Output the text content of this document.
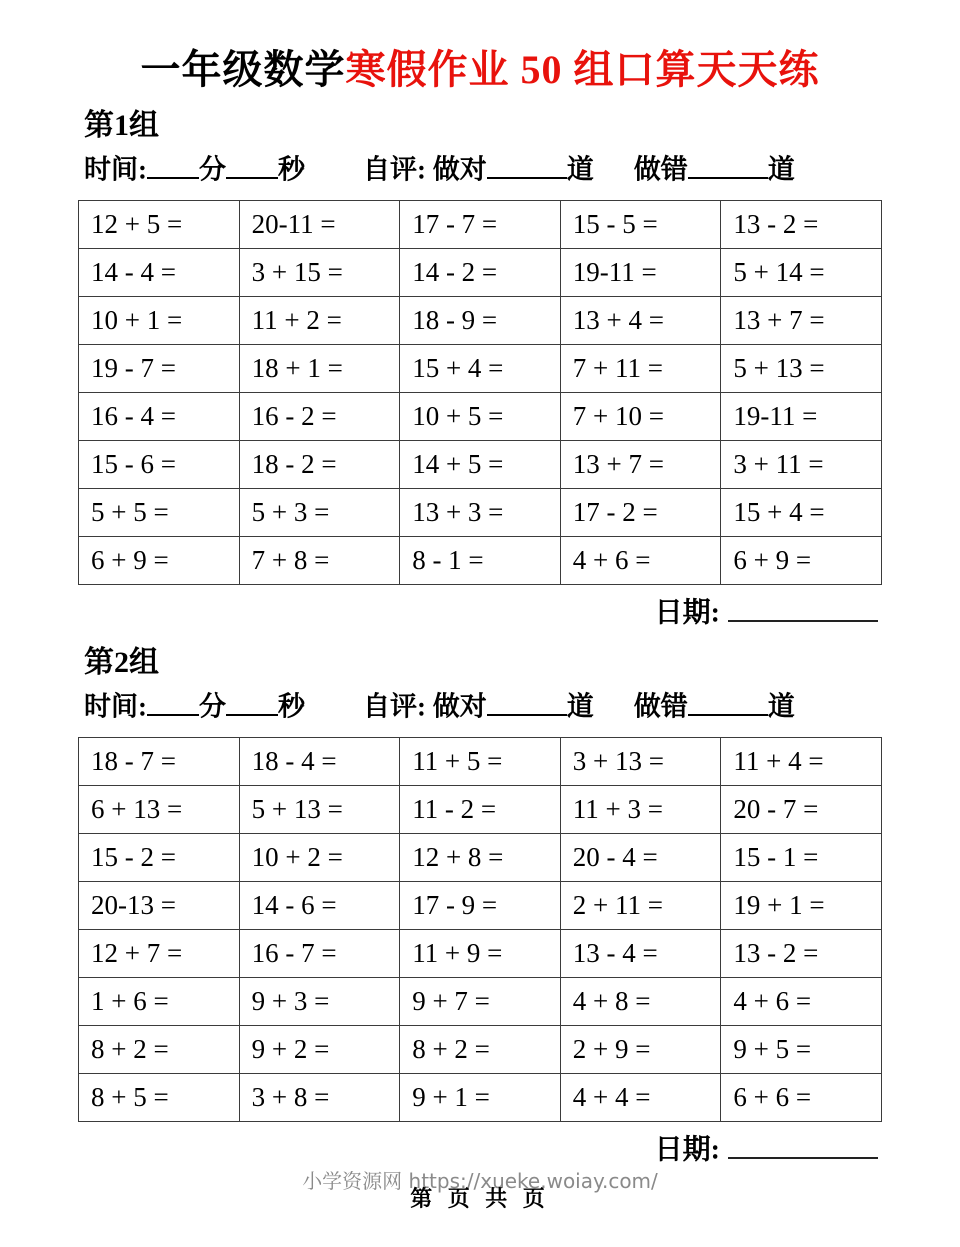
一年级数学寒假作业 50 组口算天天练
第1组
时间: 分 秒 自评: 做对	道 做错	道
12 + 5 =	20-11 =	17 - 7 =	15 - 5 =	13 - 2 =
14 - 4 =	3 + 15 =	14 - 2 =	19-11 =	5 + 14 =
10 + 1 =	11 + 2 =	18 - 9 =	13 + 4 =	13 + 7 =
19 - 7 =	18 + 1 =	15 + 4 =	7 + 11 =	5 + 13 =
16 - 4 =	16 - 2 =	10 + 5 =	7 + 10 =	19-11 =
15 - 6 =	18 - 2 =	14 + 5 =	13 + 7 =	3 + 11 =
5 + 5 =	5 + 3 =	13 + 3 =	17 - 2 =	15 + 4 =
6 + 9 =	7 + 8 =	8 - 1 =	4 + 6 =	6 + 9 =
日期:
第2组
时间: 分 秒 自评: 做对	道 做错	道
18 - 7 =	18 - 4 =	11 + 5 =	3 + 13 =	11 + 4 =
6 + 13 =	5 + 13 =	11 - 2 =	11 + 3 =	20 - 7 =
15 - 2 =	10 + 2 =	12 + 8 =	20 - 4 =	15 - 1 =
20-13 =	14 - 6 =	17 - 9 =	2 + 11 =	19 + 1 =
12 + 7 =	16 - 7 =	11 + 9 =	13 - 4 =	13 - 2 =
1 + 6 =	9 + 3 =	9 + 7 =	4 + 8 =	4 + 6 =
8 + 2 =	9 + 2 =	8 + 2 =	2 + 9 =	9 + 5 =
8 + 5 =	3 + 8 =	9 + 1 =	4 + 4 =	6 + 6 =
日期:
小学资源网 https://xueke.woiay.com/
第 页 共 页
